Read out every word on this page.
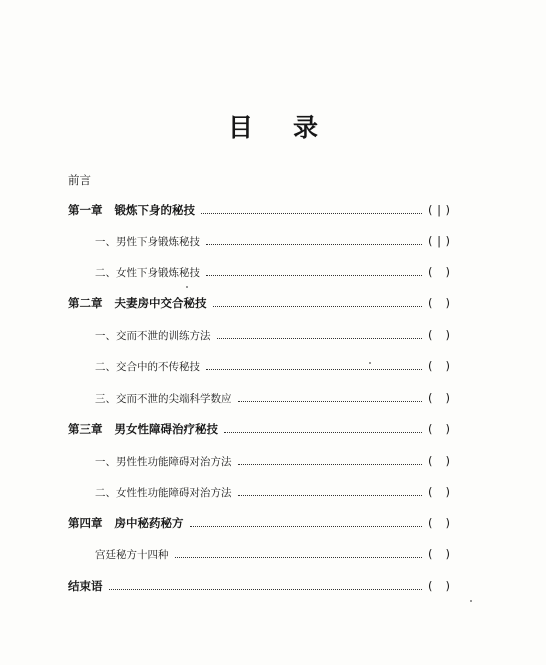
目 录
前言
第一章 锻炼下身的秘技	( | )
一、男性下身锻炼秘技	( | )
二、女性下身锻炼秘技	( )
第二章 夫妻房中交合秘技	( )
一、交而不泄的训练方法	( )
二、交合中的不传秘技	( )
三、交而不泄的尖端科学数应	( )
第三章 男女性障碍治疗秘技	( )
一、男性性功能障碍对治方法	( )
二、女性性功能障碍对治方法	( )
第四章 房中秘药秘方	( )
宫廷秘方十四种	( )
结束语	( )
